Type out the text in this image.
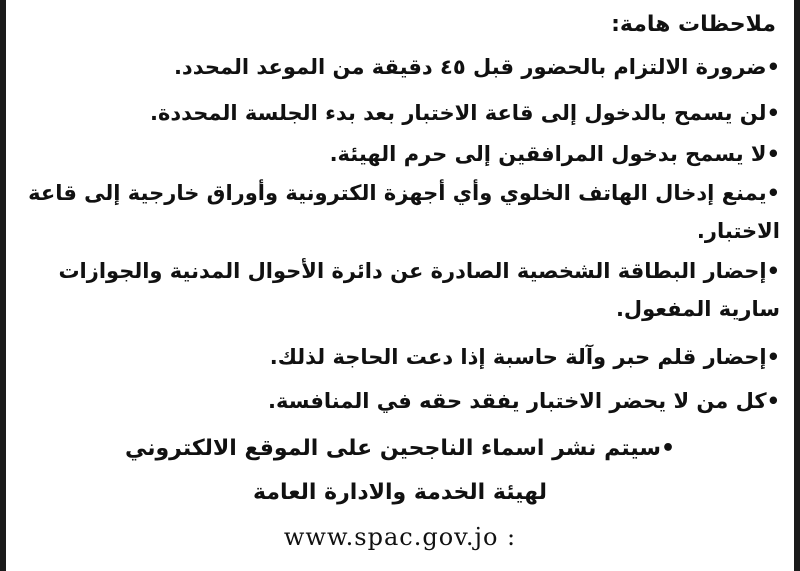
ملاحظات هامة:
•ضرورة الالتزام بالحضور قبل ٤٥ دقيقة من الموعد المحدد.
•لن يسمح بالدخول إلى قاعة الاختبار بعد بدء الجلسة المحددة.
•لا يسمح بدخول المرافقين إلى حرم الهيئة.
•يمنع إدخال الهاتف الخلوي وأي أجهزة الكترونية وأوراق خارجية إلى قاعة الاختبار.
•إحضار البطاقة الشخصية الصادرة عن دائرة الأحوال المدنية والجوازات سارية المفعول.
•إحضار قلم حبر وآلة حاسبة إذا دعت الحاجة لذلك.
•كل من لا يحضر الاختبار يفقد حقه في المنافسة.
•سيتم نشر اسماء الناجحين على الموقع الالكتروني
لهيئة الخدمة والادارة العامة
: www.spac.gov.jo
